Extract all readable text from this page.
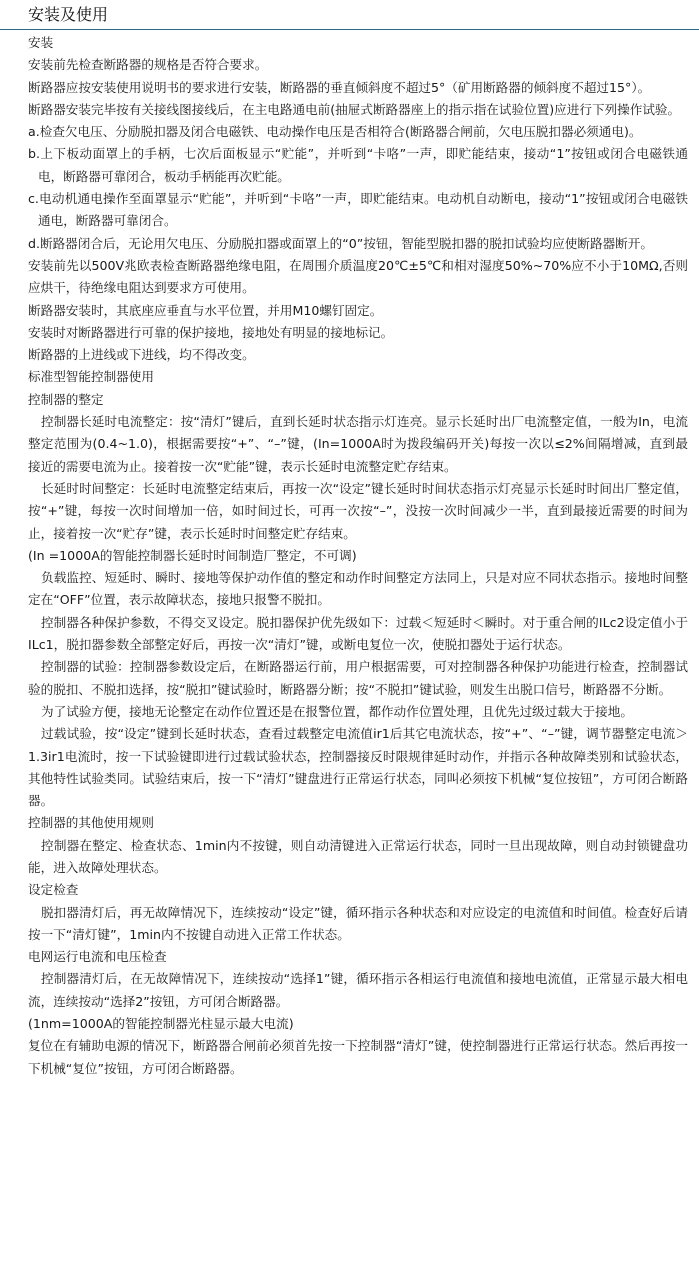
安装及使用

安装

安装前先检查断路器的规格是否符合要求。

断路器应按安装使用说明书的要求进行安装，断路器的垂直倾斜度不超过5°（矿用断路器的倾斜度不超过15°）。

断路器安装完毕按有关接线图接线后，在主电路通电前(抽屉式断路器座上的指示指在试验位置)应进行下列操作试验。

a.检查欠电压、分励脱扣器及闭合电磁铁、电动操作电压是否相符合(断路器合闸前，欠电压脱扣器必须通电)。

b.上下板动面罩上的手柄，七次后面板显示“贮能”，并听到“卡咯”一声，即贮能结束，接动“1”按钮或闭合电磁铁通电，断路器可靠闭合，板动手柄能再次贮能。

c.电动机通电操作至面罩显示“贮能”，并听到“卡咯”一声，即贮能结束。电动机自动断电，接动“1”按钮或闭合电磁铁通电，断路器可靠闭合。

d.断路器闭合后，无论用欠电压、分励脱扣器或面罩上的“0”按钮，智能型脱扣器的脱扣试验均应使断路器断开。

安装前先以500V兆欧表检查断路器绝缘电阻，在周围介质温度20℃±5℃和相对湿度50%~70%应不小于10MΩ,否则应烘干，待绝缘电阻达到要求方可使用。

断路器安装时，其底座应垂直与水平位置，并用M10螺钉固定。

安装时对断路器进行可靠的保护接地，接地处有明显的接地标记。

断路器的上进线或下进线，均不得改变。

标准型智能控制器使用

控制器的整定

控制器长延时电流整定：按“清灯”键后，直到长延时状态指示灯连亮。显示长延时出厂电流整定值，一般为In，电流整定范围为(0.4~1.0)，根据需要按“+”、“–”键，(In=1000A时为拨段编码开关)每按一次以≤2%间隔增减，直到最接近的需要电流为止。接着按一次“贮能”键，表示长延时电流整定贮存结束。

长延时时间整定：长延时电流整定结束后，再按一次“设定”键长延时时间状态指示灯亮显示长延时时间出厂整定值，按“+”键，每按一次时间增加一倍，如时间过长，可再一次按“–”，没按一次时间减少一半，直到最接近需要的时间为止，接着按一次“贮存”键，表示长延时时间整定贮存结束。

(In =1000A的智能控制器长延时时间制造厂整定，不可调)

负载监控、短延时、瞬时、接地等保护动作值的整定和动作时间整定方法同上，只是对应不同状态指示。接地时间整定在“OFF”位置，表示故障状态，接地只报警不脱扣。

控制器各种保护参数，不得交叉设定。脱扣器保护优先级如下：过载＜短延时＜瞬时。对于重合闸的ⅠLc2设定值小于ⅠLc1，脱扣器参数全部整定好后，再按一次“清灯”键，或断电复位一次，使脱扣器处于运行状态。

控制器的试验：控制器参数设定后，在断路器运行前，用户根据需要，可对控制器各种保护功能进行检查，控制器试验的脱扣、不脱扣选择，按“脱扣”键试验时，断路器分断；按“不脱扣”键试验，则发生出脱口信号，断路器不分断。

为了试验方便，接地无论整定在动作位置还是在报警位置，都作动作位置处理，且优先过级过载大于接地。

过载试验，按“设定”键到长延时状态，查看过载整定电流值ir1后其它电流状态，按“+”、“–”键，调节器整定电流＞1.3ir1电流时，按一下试验键即进行过载试验状态，控制器接反时限规律延时动作，并指示各种故障类别和试验状态，其他特性试验类同。试验结束后，按一下“清灯”键盘进行正常运行状态，同叫必须按下机械“复位按钮”，方可闭合断路器。

控制器的其他使用规则

控制器在整定、检查状态、1min内不按键，则自动清键进入正常运行状态，同时一旦出现故障，则自动封锁键盘功能，进入故障处理状态。

设定检查

脱扣器清灯后，再无故障情况下，连续按动“设定”键，循环指示各种状态和对应设定的电流值和时间值。检查好后请按一下“清灯键”，1min内不按键自动进入正常工作状态。

电网运行电流和电压检查

控制器清灯后，在无故障情况下，连续按动“选择1”键，循环指示各相运行电流值和接地电流值，正常显示最大相电流，连续按动“选择2”按钮，方可闭合断路器。

(1nm=1000A的智能控制器光柱显示最大电流)

复位在有辅助电源的情况下，断路器合闸前必须首先按一下控制器“清灯”键，使控制器进行正常运行状态。然后再按一下机械“复位”按钮，方可闭合断路器。
